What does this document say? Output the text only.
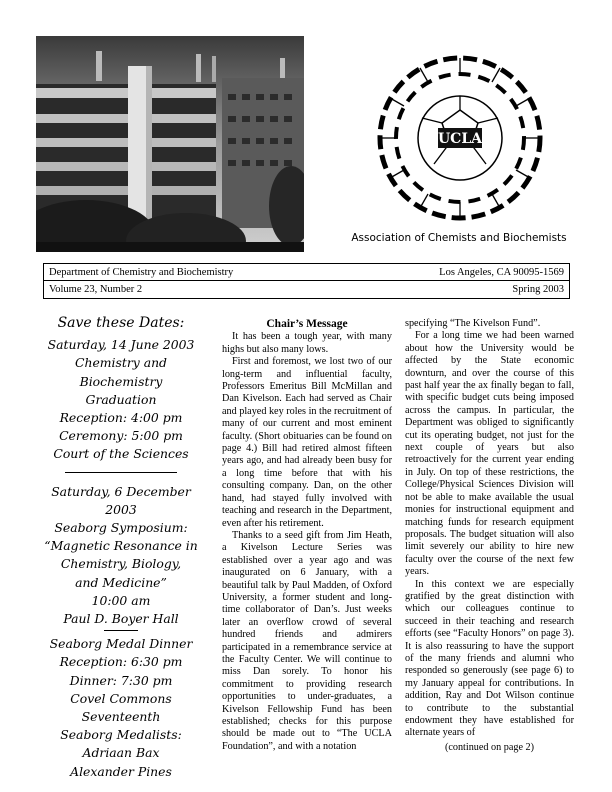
UCLA
Association of Chemists and Biochemists
Department of Chemistry and Biochemistry	Los Angeles, CA 90095-1569
Volume 23, Number 2	Spring 2003
Save these Dates:
Saturday, 14 June 2003
Chemistry and Biochemistry
Graduation
Reception: 4:00 pm
Ceremony: 5:00 pm
Court of the Sciences
Saturday, 6 December 2003
Seaborg Symposium:
“Magnetic Resonance in
Chemistry, Biology,
and Medicine”
10:00 am
Paul D. Boyer Hall
Seaborg Medal Dinner
Reception: 6:30 pm
Dinner: 7:30 pm
Covel Commons
Seventeenth
Seaborg Medalists:
Adriaan Bax
Alexander Pines

Chair’s Message

It has been a tough year, with many highs but also many lows.

First and foremost, we lost two of our long-term and influential faculty, Professors Emeritus Bill McMillan and Dan Kivelson. Each had served as Chair and played key roles in the recruitment of many of our current and most eminent faculty. (Short obituaries can be found on page 4.) Bill had retired almost fifteen years ago, and had already been busy for a long time before that with his consulting company. Dan, on the other hand, had stayed fully involved with teaching and research in the Department, even after his retirement.

Thanks to a seed gift from Jim Heath, a Kivelson Lecture Series was established over a year ago and was inaugurated on 6 January, with a beautiful talk by Paul Madden, of Oxford University, a former student and long-time collaborator of Dan’s. Just weeks later an overflow crowd of several hundred friends and admirers participated in a remembrance service at the Faculty Center. We will continue to miss Dan sorely. To honor his commitment to providing research opportunities to under-graduates, a Kivelson Fellowship Fund has been established; checks for this purpose should be made out to “The UCLA Foundation”, and with a notation

specifying “The Kivelson Fund”.

For a long time we had been warned about how the University would be affected by the State economic downturn, and over the course of this past half year the ax finally began to fall, with specific budget cuts being imposed across the campus. In particular, the Department was obliged to significantly cut its operating budget, not just for the next couple of years but also retroactively for the current year ending in July. On top of these restrictions, the College/Physical Sciences Division will not be able to make available the usual monies for instructional equipment and matching funds for research equipment proposals. The budget situation will also limit severely our ability to hire new faculty over the course of the next few years.

In this context we are especially gratified by the great distinction with which our colleagues continue to succeed in their teaching and research efforts (see “Faculty Honors” on page 3). It is also reassuring to have the support of the many friends and alumni who responded so generously (see page 6) to my January appeal for contributions. In addition, Ray and Dot Wilson continue to contribute to the substantial endowment they have established for alternate years of

(continued on page 2)
